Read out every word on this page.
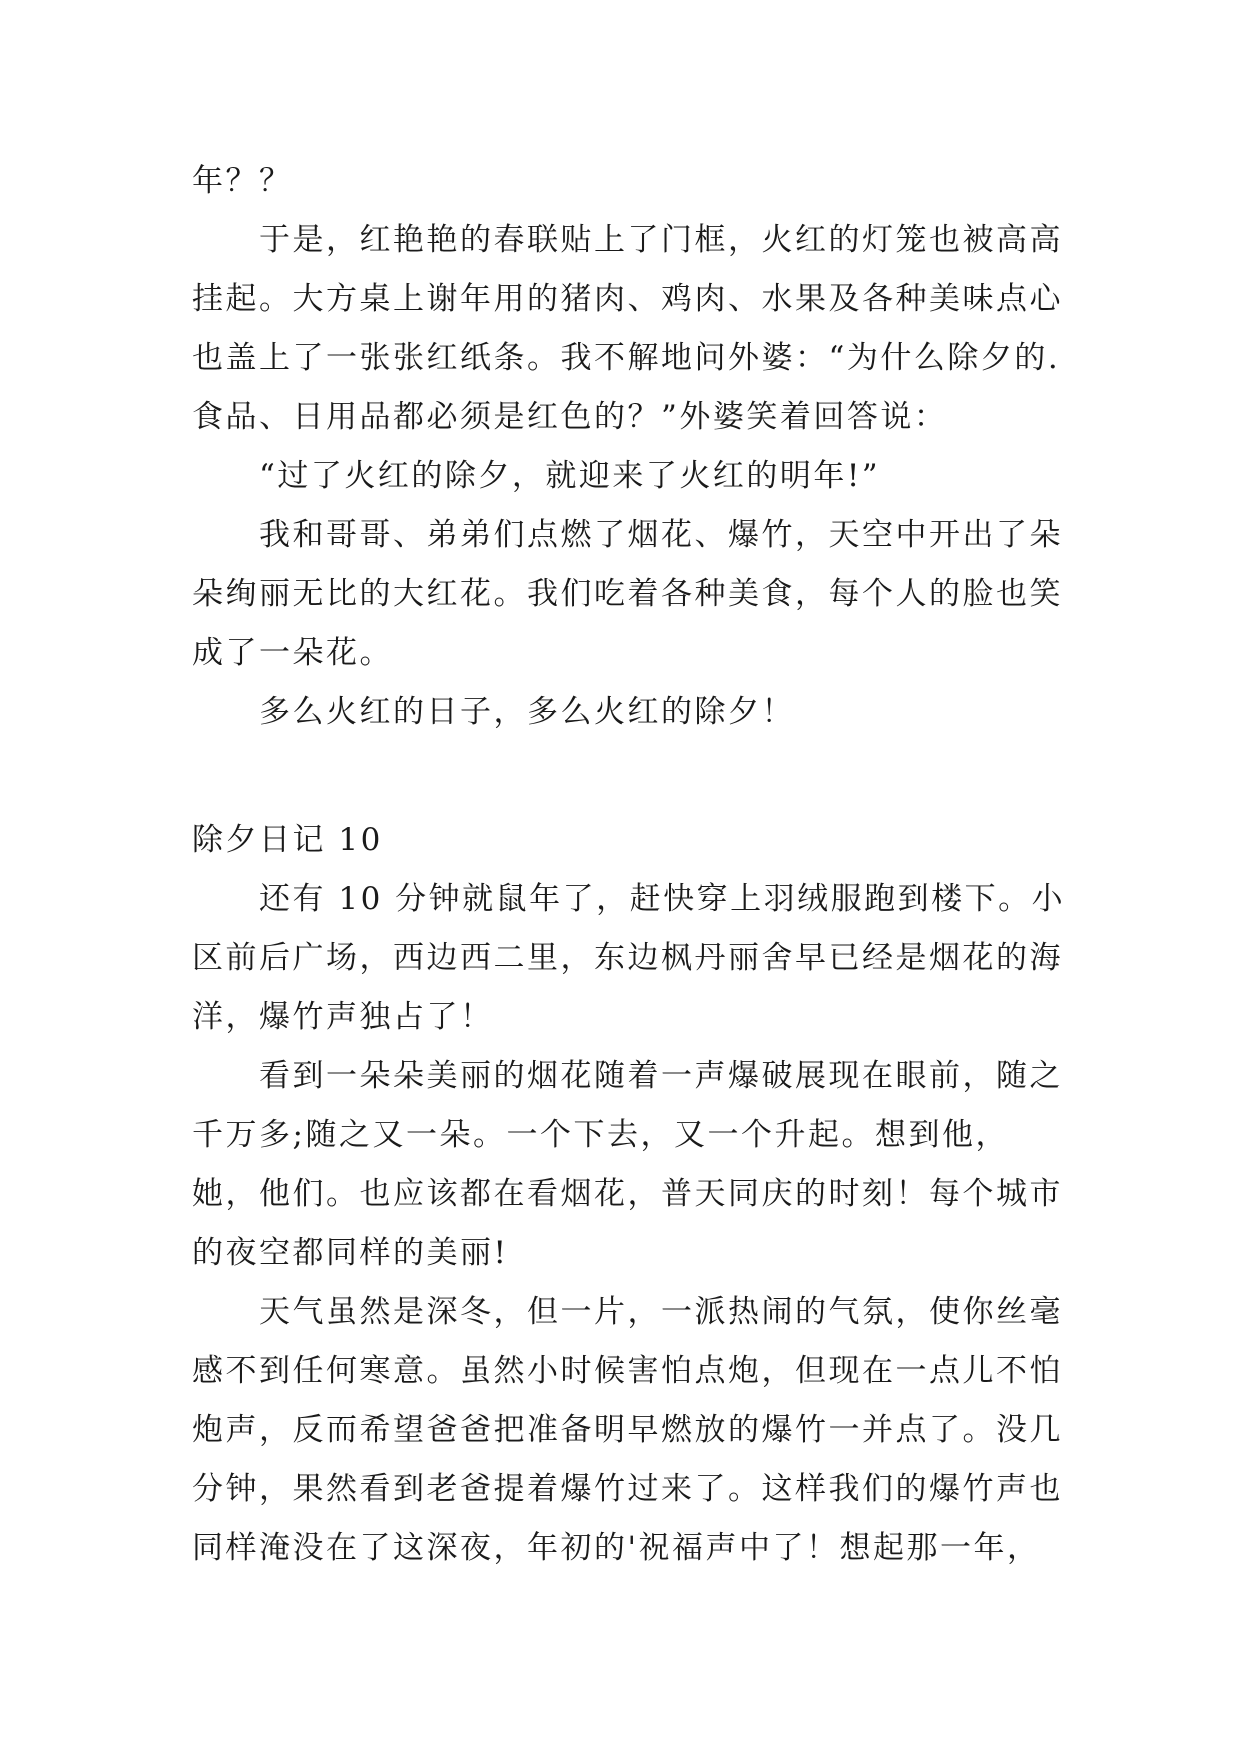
年？？

于是，红艳艳的春联贴上了门框，火红的灯笼也被高高挂起。大方桌上谢年用的猪肉、鸡肉、水果及各种美味点心也盖上了一张张红纸条。我不解地问外婆：“为什么除夕的.食品、日用品都必须是红色的？”外婆笑着回答说：

“过了火红的除夕，就迎来了火红的明年!”

我和哥哥、弟弟们点燃了烟花、爆竹，天空中开出了朵朵绚丽无比的大红花。我们吃着各种美食，每个人的脸也笑成了一朵花。

多么火红的日子，多么火红的除夕！

除夕日记 10

还有 10 分钟就鼠年了，赶快穿上羽绒服跑到楼下。小区前后广场，西边西二里，东边枫丹丽舍早已经是烟花的海洋，爆竹声独占了！

看到一朵朵美丽的烟花随着一声爆破展现在眼前，随之千万多;随之又一朵。一个下去，又一个升起。想到他，她，他们。也应该都在看烟花，普天同庆的时刻！每个城市的夜空都同样的美丽!

天气虽然是深冬，但一片，一派热闹的气氛，使你丝毫感不到任何寒意。虽然小时候害怕点炮，但现在一点儿不怕炮声，反而希望爸爸把准备明早燃放的爆竹一并点了。没几分钟，果然看到老爸提着爆竹过来了。这样我们的爆竹声也同样淹没在了这深夜，年初的'祝福声中了！想起那一年，
